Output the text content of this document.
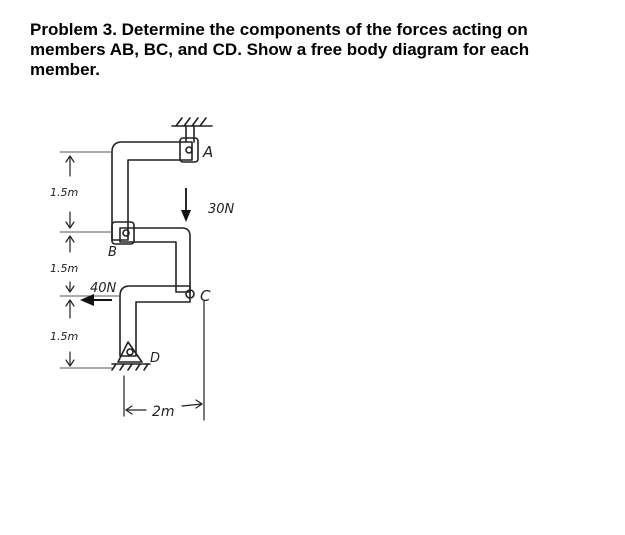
Problem 3. Determine the components of the forces acting on members AB, BC, and CD. Show a free body diagram for each member.
A
B
C
D
30N
40N
1.5m
1.5m
1.5m
2m
